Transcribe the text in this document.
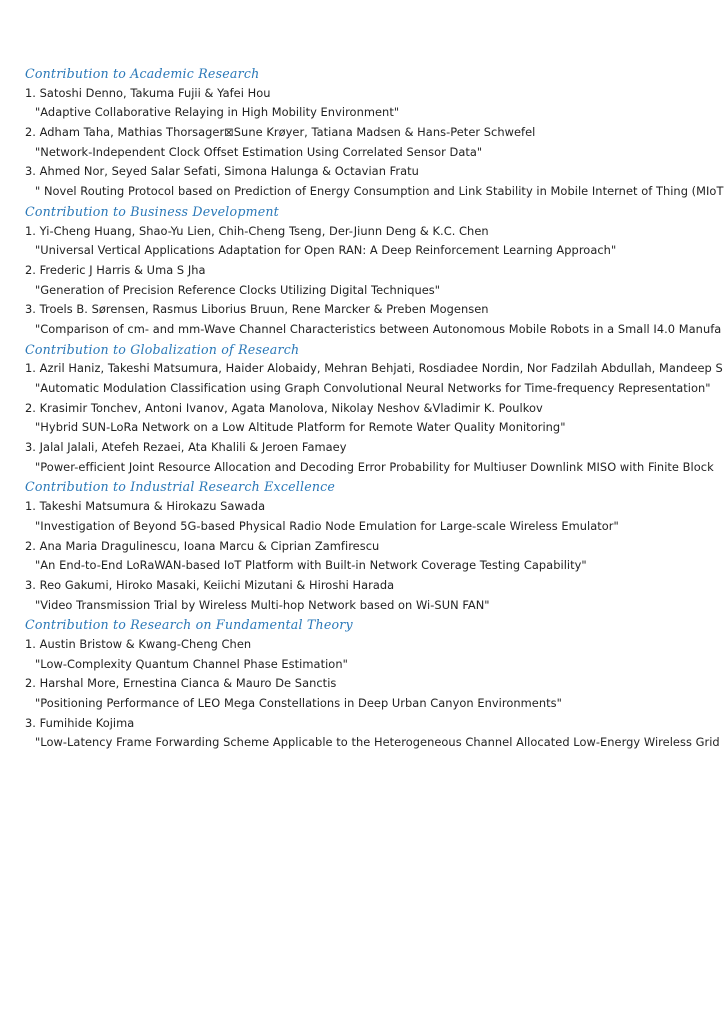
Contribution to Academic Research
1. Satoshi Denno, Takuma Fujii & Yafei Hou
"Adaptive Collaborative Relaying in High Mobility Environment"
2. Adham Taha, Mathias Thorsager⊠Sune Krøyer, Tatiana Madsen & Hans-Peter Schwefel
"Network-Independent Clock Offset Estimation Using Correlated Sensor Data"
3. Ahmed Nor, Seyed Salar Sefati, Simona Halunga & Octavian Fratu
" Novel Routing Protocol based on Prediction of Energy Consumption and Link Stability in Mobile Internet of Thing (MIoT
Contribution to Business Development
1. Yi-Cheng Huang, Shao-Yu Lien, Chih-Cheng Tseng, Der-Jiunn Deng & K.C. Chen
"Universal Vertical Applications Adaptation for Open RAN: A Deep Reinforcement Learning Approach"
2. Frederic J Harris & Uma S Jha
"Generation of Precision Reference Clocks Utilizing Digital Techniques"
3. Troels B. Sørensen, Rasmus Liborius Bruun, Rene Marcker & Preben Mogensen
"Comparison of cm- and mm-Wave Channel Characteristics between Autonomous Mobile Robots in a Small I4.0 Manufa
Contribution to Globalization of Research
1. Azril Haniz, Takeshi Matsumura, Haider Alobaidy, Mehran Behjati, Rosdiadee Nordin, Nor Fadzilah Abdullah, Mandeep S
"Automatic Modulation Classification using Graph Convolutional Neural Networks for Time-frequency Representation"
2. Krasimir Tonchev, Antoni Ivanov, Agata Manolova, Nikolay Neshov &Vladimir K. Poulkov
"Hybrid SUN-LoRa Network on a Low Altitude Platform for Remote Water Quality Monitoring"
3. Jalal Jalali, Atefeh Rezaei, Ata Khalili & Jeroen Famaey
"Power-efficient Joint Resource Allocation and Decoding Error Probability for Multiuser Downlink MISO with Finite Block
Contribution to Industrial Research Excellence
1. Takeshi Matsumura & Hirokazu Sawada
"Investigation of Beyond 5G-based Physical Radio Node Emulation for Large-scale Wireless Emulator"
2. Ana Maria Dragulinescu, Ioana Marcu & Ciprian Zamfirescu
"An End-to-End LoRaWAN-based IoT Platform with Built-in Network Coverage Testing Capability"
3. Reo Gakumi, Hiroko Masaki, Keiichi Mizutani & Hiroshi Harada
"Video Transmission Trial by Wireless Multi-hop Network based on Wi-SUN FAN"
Contribution to Research on Fundamental Theory
1. Austin Bristow & Kwang-Cheng Chen
"Low-Complexity Quantum Channel Phase Estimation"
2. Harshal More, Ernestina Cianca & Mauro De Sanctis
"Positioning Performance of LEO Mega Constellations in Deep Urban Canyon Environments"
3. Fumihide Kojima
"Low-Latency Frame Forwarding Scheme Applicable to the Heterogeneous Channel Allocated Low-Energy Wireless Grid
